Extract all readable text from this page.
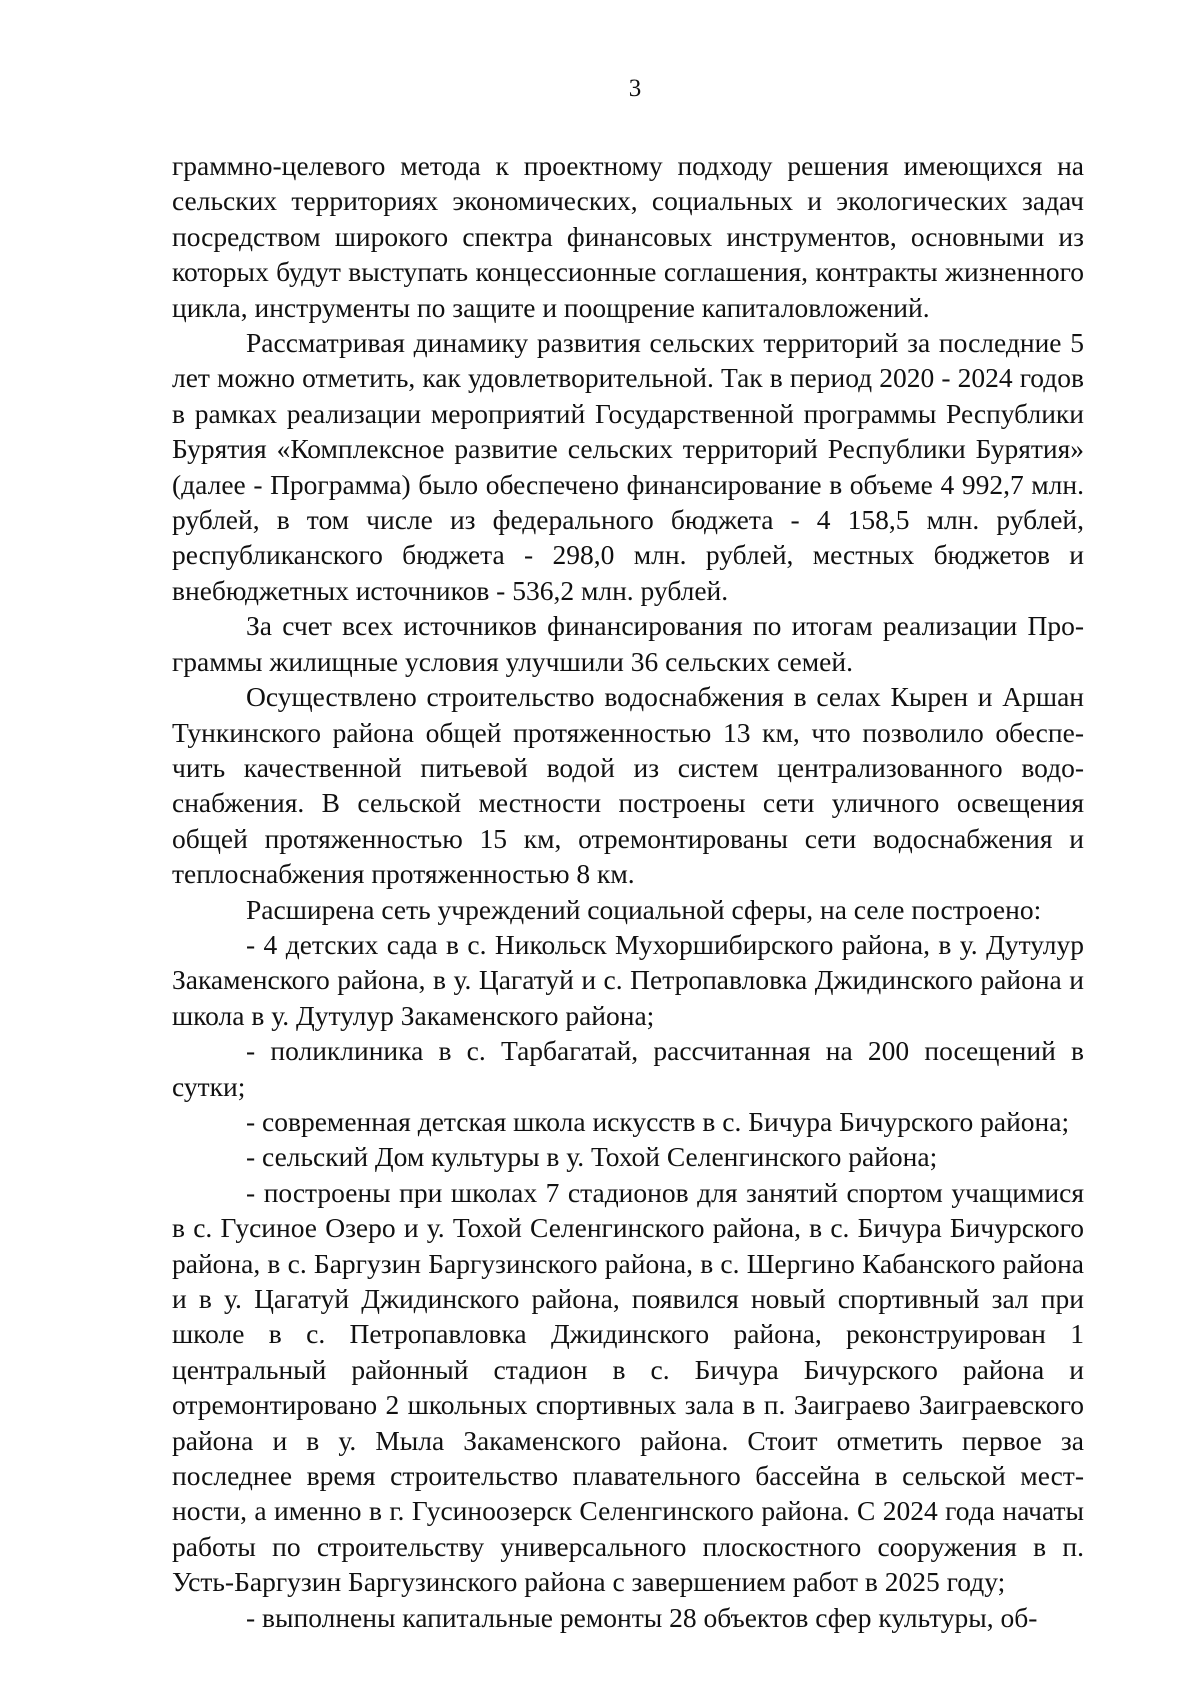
3

граммно-целевого метода к проектному подходу решения имеющихся на сельских территориях экономических, социальных и экологических задач посредством широкого спектра финансовых инструментов, основными из которых будут выступать концессионные соглашения, контракты жизненного цикла, инструменты по защите и поощрение капиталовложений.

Рассматривая динамику развития сельских территорий за последние 5 лет можно отметить, как удовлетворительной. Так в период 2020 - 2024 годов в рамках реализации мероприятий Государственной программы Республики Бурятия «Комплексное развитие сельских территорий Республики Бурятия» (далее - Программа) было обеспечено финансирование в объеме 4 992,7 млн. рублей, в том числе из федерального бюджета - 4 158,5 млн. рублей, республиканского бюджета - 298,0 млн. рублей, местных бюджетов и внебюджетных источников - 536,2 млн. рублей.

За счет всех источников финансирования по итогам реализации Программы жилищные условия улучшили 36 сельских семей.

Осуществлено строительство водоснабжения в селах Кырен и Аршан Тункинского района общей протяженностью 13 км, что позволило обеспечить качественной питьевой водой из систем централизованного водоснабжения. В сельской местности построены сети уличного освещения общей протяженностью 15 км, отремонтированы сети водоснабжения и теплоснабжения протяженностью 8 км.

Расширена сеть учреждений социальной сферы, на селе построено:

- 4 детских сада в с. Никольск Мухоршибирского района, в у. Дутулур Закаменского района, в у. Цагатуй и с. Петропавловка Джидинского района и школа в у. Дутулур Закаменского района;

- поликлиника в с. Тарбагатай, рассчитанная на 200 посещений в сутки;

- современная детская школа искусств в с. Бичура Бичурского района;

- сельский Дом культуры в у. Тохой Селенгинского района;

- построены при школах 7 стадионов для занятий спортом учащимися в с. Гусиное Озеро и у. Тохой Селенгинского района, в с. Бичура Бичурского района, в с. Баргузин Баргузинского района, в с. Шергино Кабанского района и в у. Цагатуй Джидинского района, появился новый спортивный зал при школе в с. Петропавловка Джидинского района, реконструирован 1 центральный районный стадион в с. Бичура Бичурского района и отремонтировано 2 школьных спортивных зала в п. Заиграево Заиграевского района и в у. Мыла Закаменского района. Стоит отметить первое за последнее время строительство плавательного бассейна в сельской местности, а именно в г. Гусиноозерск Селенгинского района. С 2024 года начаты работы по строительству универсального плоскостного сооружения в п. Усть-Баргузин Баргузинского района с завершением работ в 2025 году;

- выполнены капитальные ремонты 28 объектов сфер культуры, об-
